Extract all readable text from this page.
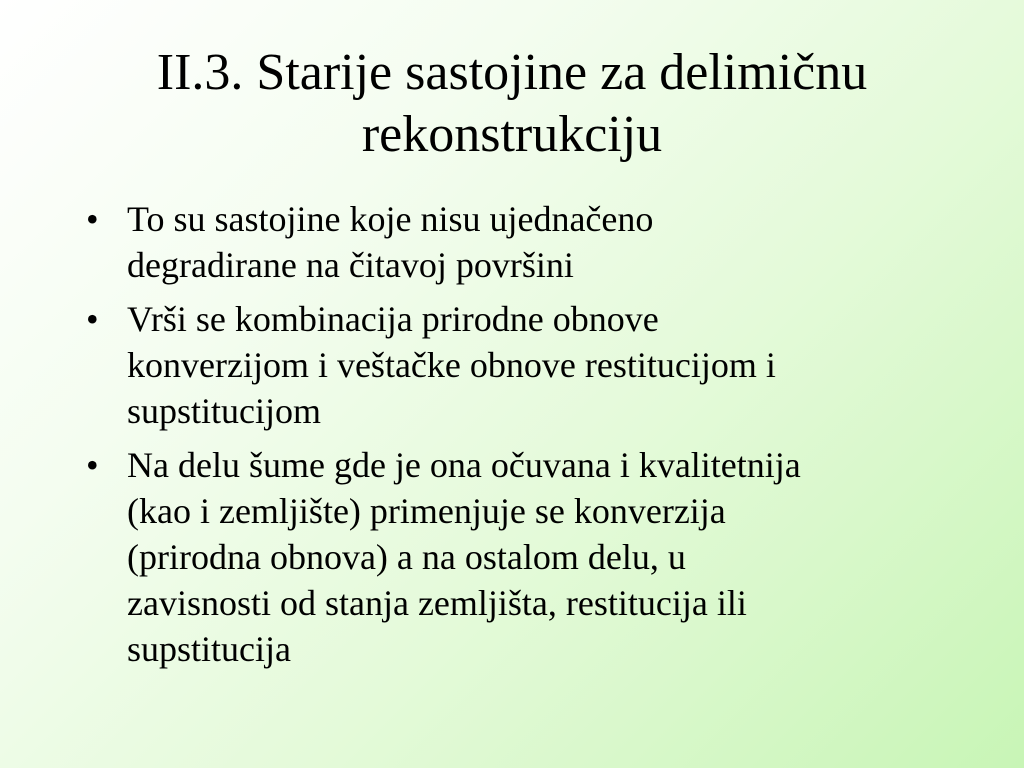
II.3. Starije sastojine za delimičnu
rekonstrukciju
• To su sastojine koje nisu ujednačeno
degradirane na čitavoj površini
• Vrši se kombinacija prirodne obnove
konverzijom i veštačke obnove restitucijom i
supstitucijom
• Na delu šume gde je ona očuvana i kvalitetnija
(kao i zemljište) primenjuje se konverzija
(prirodna obnova) a na ostalom delu, u
zavisnosti od stanja zemljišta, restitucija ili
supstitucija
